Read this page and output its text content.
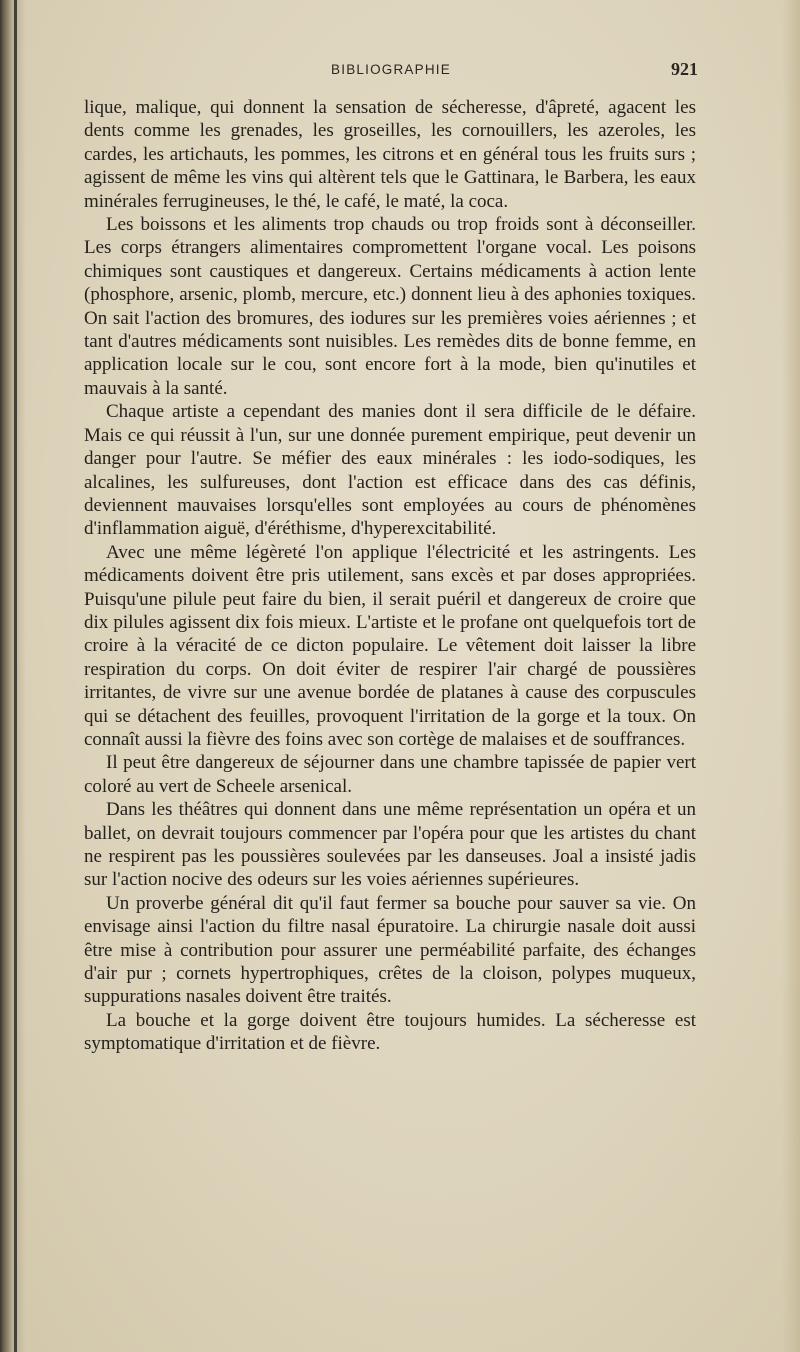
BIBLIOGRAPHIE	921

lique, malique, qui donnent la sensation de sécheresse, d'âpreté, agacent les dents comme les grenades, les groseilles, les cornouillers, les azeroles, les cardes, les artichauts, les pommes, les citrons et en général tous les fruits surs ; agissent de même les vins qui altèrent tels que le Gattinara, le Barbera, les eaux minérales ferrugineuses, le thé, le café, le maté, la coca.

Les boissons et les aliments trop chauds ou trop froids sont à déconseiller. Les corps étrangers alimentaires compromettent l'organe vocal. Les poisons chimiques sont caustiques et dangereux. Certains médicaments à action lente (phosphore, arsenic, plomb, mercure, etc.) donnent lieu à des aphonies toxiques. On sait l'action des bromures, des iodures sur les premières voies aériennes ; et tant d'autres médicaments sont nuisibles. Les remèdes dits de bonne femme, en application locale sur le cou, sont encore fort à la mode, bien qu'inutiles et mauvais à la santé.

Chaque artiste a cependant des manies dont il sera difficile de le défaire. Mais ce qui réussit à l'un, sur une donnée purement empirique, peut devenir un danger pour l'autre. Se méfier des eaux minérales : les iodo-sodiques, les alcalines, les sulfureuses, dont l'action est efficace dans des cas définis, deviennent mauvaises lorsqu'elles sont employées au cours de phénomènes d'inflammation aiguë, d'éréthisme, d'hyperexcitabilité.

Avec une même légèreté l'on applique l'électricité et les astringents. Les médicaments doivent être pris utilement, sans excès et par doses appropriées. Puisqu'une pilule peut faire du bien, il serait puéril et dangereux de croire que dix pilules agissent dix fois mieux. L'artiste et le profane ont quelquefois tort de croire à la véracité de ce dicton populaire. Le vêtement doit laisser la libre respiration du corps. On doit éviter de respirer l'air chargé de poussières irritantes, de vivre sur une avenue bordée de platanes à cause des corpuscules qui se détachent des feuilles, provoquent l'irritation de la gorge et la toux. On connaît aussi la fièvre des foins avec son cortège de malaises et de souffrances.

Il peut être dangereux de séjourner dans une chambre tapissée de papier vert coloré au vert de Scheele arsenical.

Dans les théâtres qui donnent dans une même représentation un opéra et un ballet, on devrait toujours commencer par l'opéra pour que les artistes du chant ne respirent pas les poussières soulevées par les danseuses. Joal a insisté jadis sur l'action nocive des odeurs sur les voies aériennes supérieures.

Un proverbe général dit qu'il faut fermer sa bouche pour sauver sa vie. On envisage ainsi l'action du filtre nasal épuratoire. La chirurgie nasale doit aussi être mise à contribution pour assurer une perméabilité parfaite, des échanges d'air pur ; cornets hypertrophiques, crêtes de la cloison, polypes muqueux, suppurations nasales doivent être traités.

La bouche et la gorge doivent être toujours humides. La sécheresse est symptomatique d'irritation et de fièvre.
